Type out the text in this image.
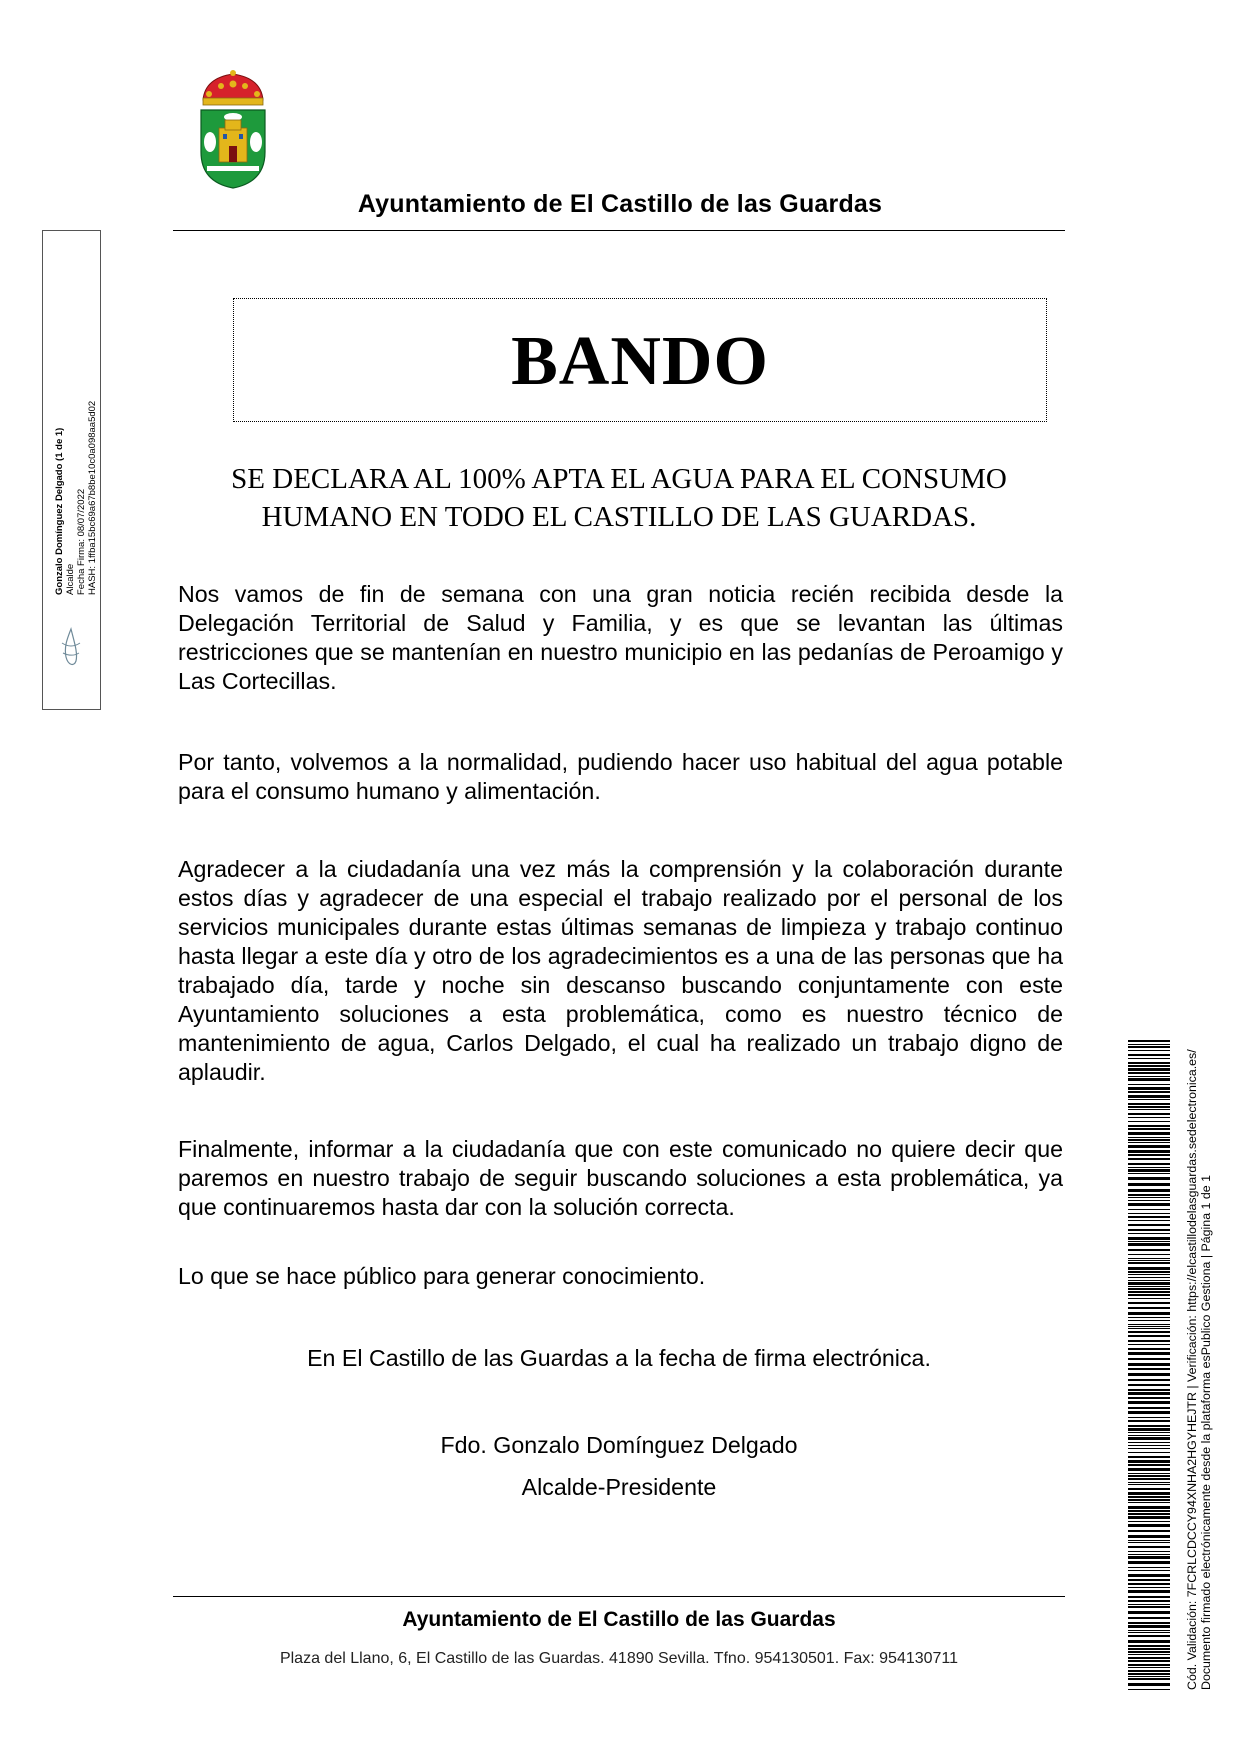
Ayuntamiento de El Castillo de las Guardas
Gonzalo Domínguez Delgado (1 de 1) Alcalde Fecha Firma: 08/07/2022 HASH: 1ffba15bc69a67b8be10c0a098aa5d02
BANDO
SE DECLARA AL 100% APTA EL AGUA PARA EL CONSUMO
HUMANO EN TODO EL CASTILLO DE LAS GUARDAS.
Nos vamos de fin de semana con una gran noticia recién recibida desde la Delegación Territorial de Salud y Familia, y es que se levantan las últimas restricciones que se mantenían en nuestro municipio en las pedanías de Peroamigo y Las Cortecillas.
Por tanto, volvemos a la normalidad, pudiendo hacer uso habitual del agua potable para el consumo humano y alimentación.
Agradecer a la ciudadanía una vez más la comprensión y la colaboración durante estos días y agradecer de una especial el trabajo realizado por el personal de los servicios municipales durante estas últimas semanas de limpieza y trabajo continuo hasta llegar a este día y otro de los agradecimientos es a una de las personas que ha trabajado día, tarde y noche sin descanso buscando conjuntamente con este Ayuntamiento soluciones a esta problemática, como es nuestro técnico de mantenimiento de agua, Carlos Delgado, el cual ha realizado un trabajo digno de aplaudir.
Finalmente, informar a la ciudadanía que con este comunicado no quiere decir que paremos en nuestro trabajo de seguir buscando soluciones a esta problemática, ya que continuaremos hasta dar con la solución correcta.
Lo que se hace público para generar conocimiento.
En El Castillo de las Guardas a la fecha de firma electrónica.
Fdo. Gonzalo Domínguez Delgado
Alcalde-Presidente
Ayuntamiento de El Castillo de las Guardas
Plaza del Llano, 6, El Castillo de las Guardas. 41890 Sevilla. Tfno. 954130501. Fax: 954130711	Cód. Validación: 7FCRLCDCCY94XNHA2HGYHEJTR | Verificación: https://elcastillodelasguardas.sedelectronica.es/ Documento firmado electrónicamente desde la plataforma esPublico Gestiona | Página 1 de 1
